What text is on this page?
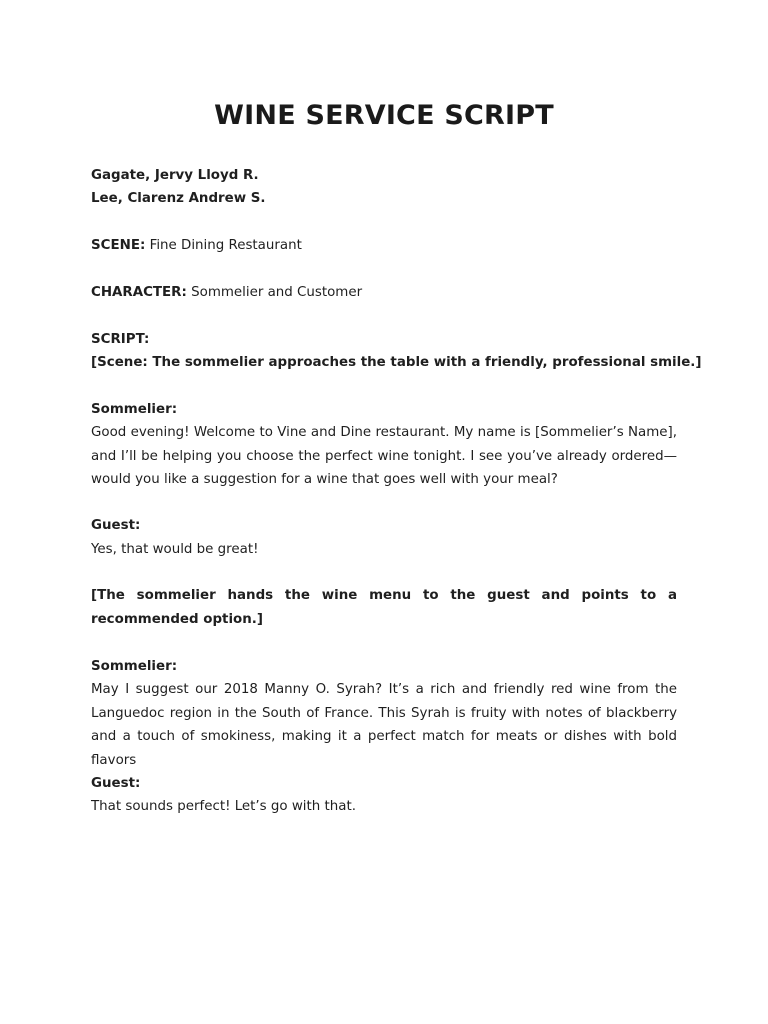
WINE SERVICE SCRIPT
Gagate, Jervy Lloyd R.
Lee, Clarenz Andrew S.
SCENE: Fine Dining Restaurant
CHARACTER: Sommelier and Customer
SCRIPT:
[Scene: The sommelier approaches the table with a friendly, professional smile.]
Sommelier:
Good evening! Welcome to Vine and Dine restaurant. My name is [Sommelier’s Name], and I’ll be helping you choose the perfect wine tonight. I see you’ve already ordered—would you like a suggestion for a wine that goes well with your meal?
Guest:
Yes, that would be great!
[The sommelier hands the wine menu to the guest and points to a recommended option.]
Sommelier:
May I suggest our 2018 Manny O. Syrah? It’s a rich and friendly red wine from the Languedoc region in the South of France. This Syrah is fruity with notes of blackberry and a touch of smokiness, making it a perfect match for meats or dishes with bold flavors
Guest:
That sounds perfect! Let’s go with that.
